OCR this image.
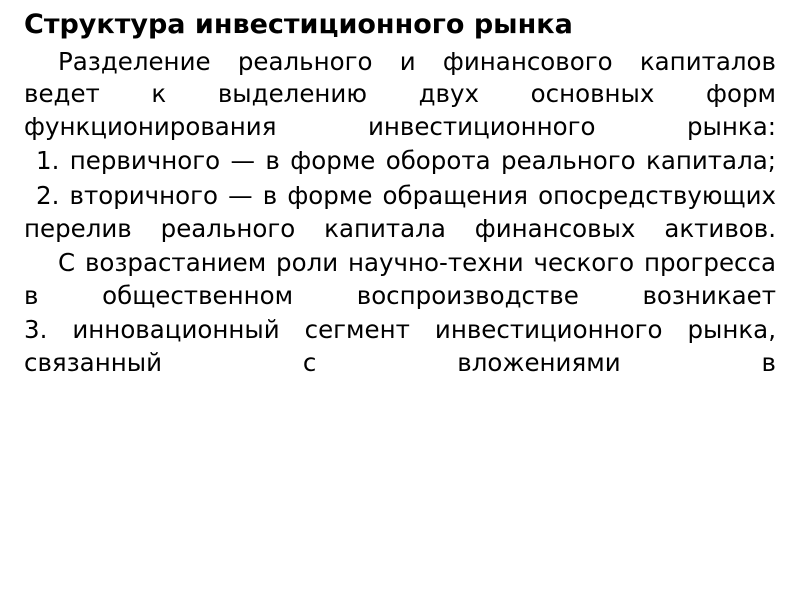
Структура инвестиционного рынка

Разделение реального и финансового капиталов ведет к выделению двух основных форм функционирования инвестиционного рынка:

1. первичного — в форме оборота реального капитала;

2. вторичного — в форме обращения опосредствующих перелив реального капитала финансовых активов.

С возрастанием роли научно-техни ческого прогресса в общественном воспроизводстве возникает

3. инновационный сегмент инвестиционного рынка, связанный с вложениями в
